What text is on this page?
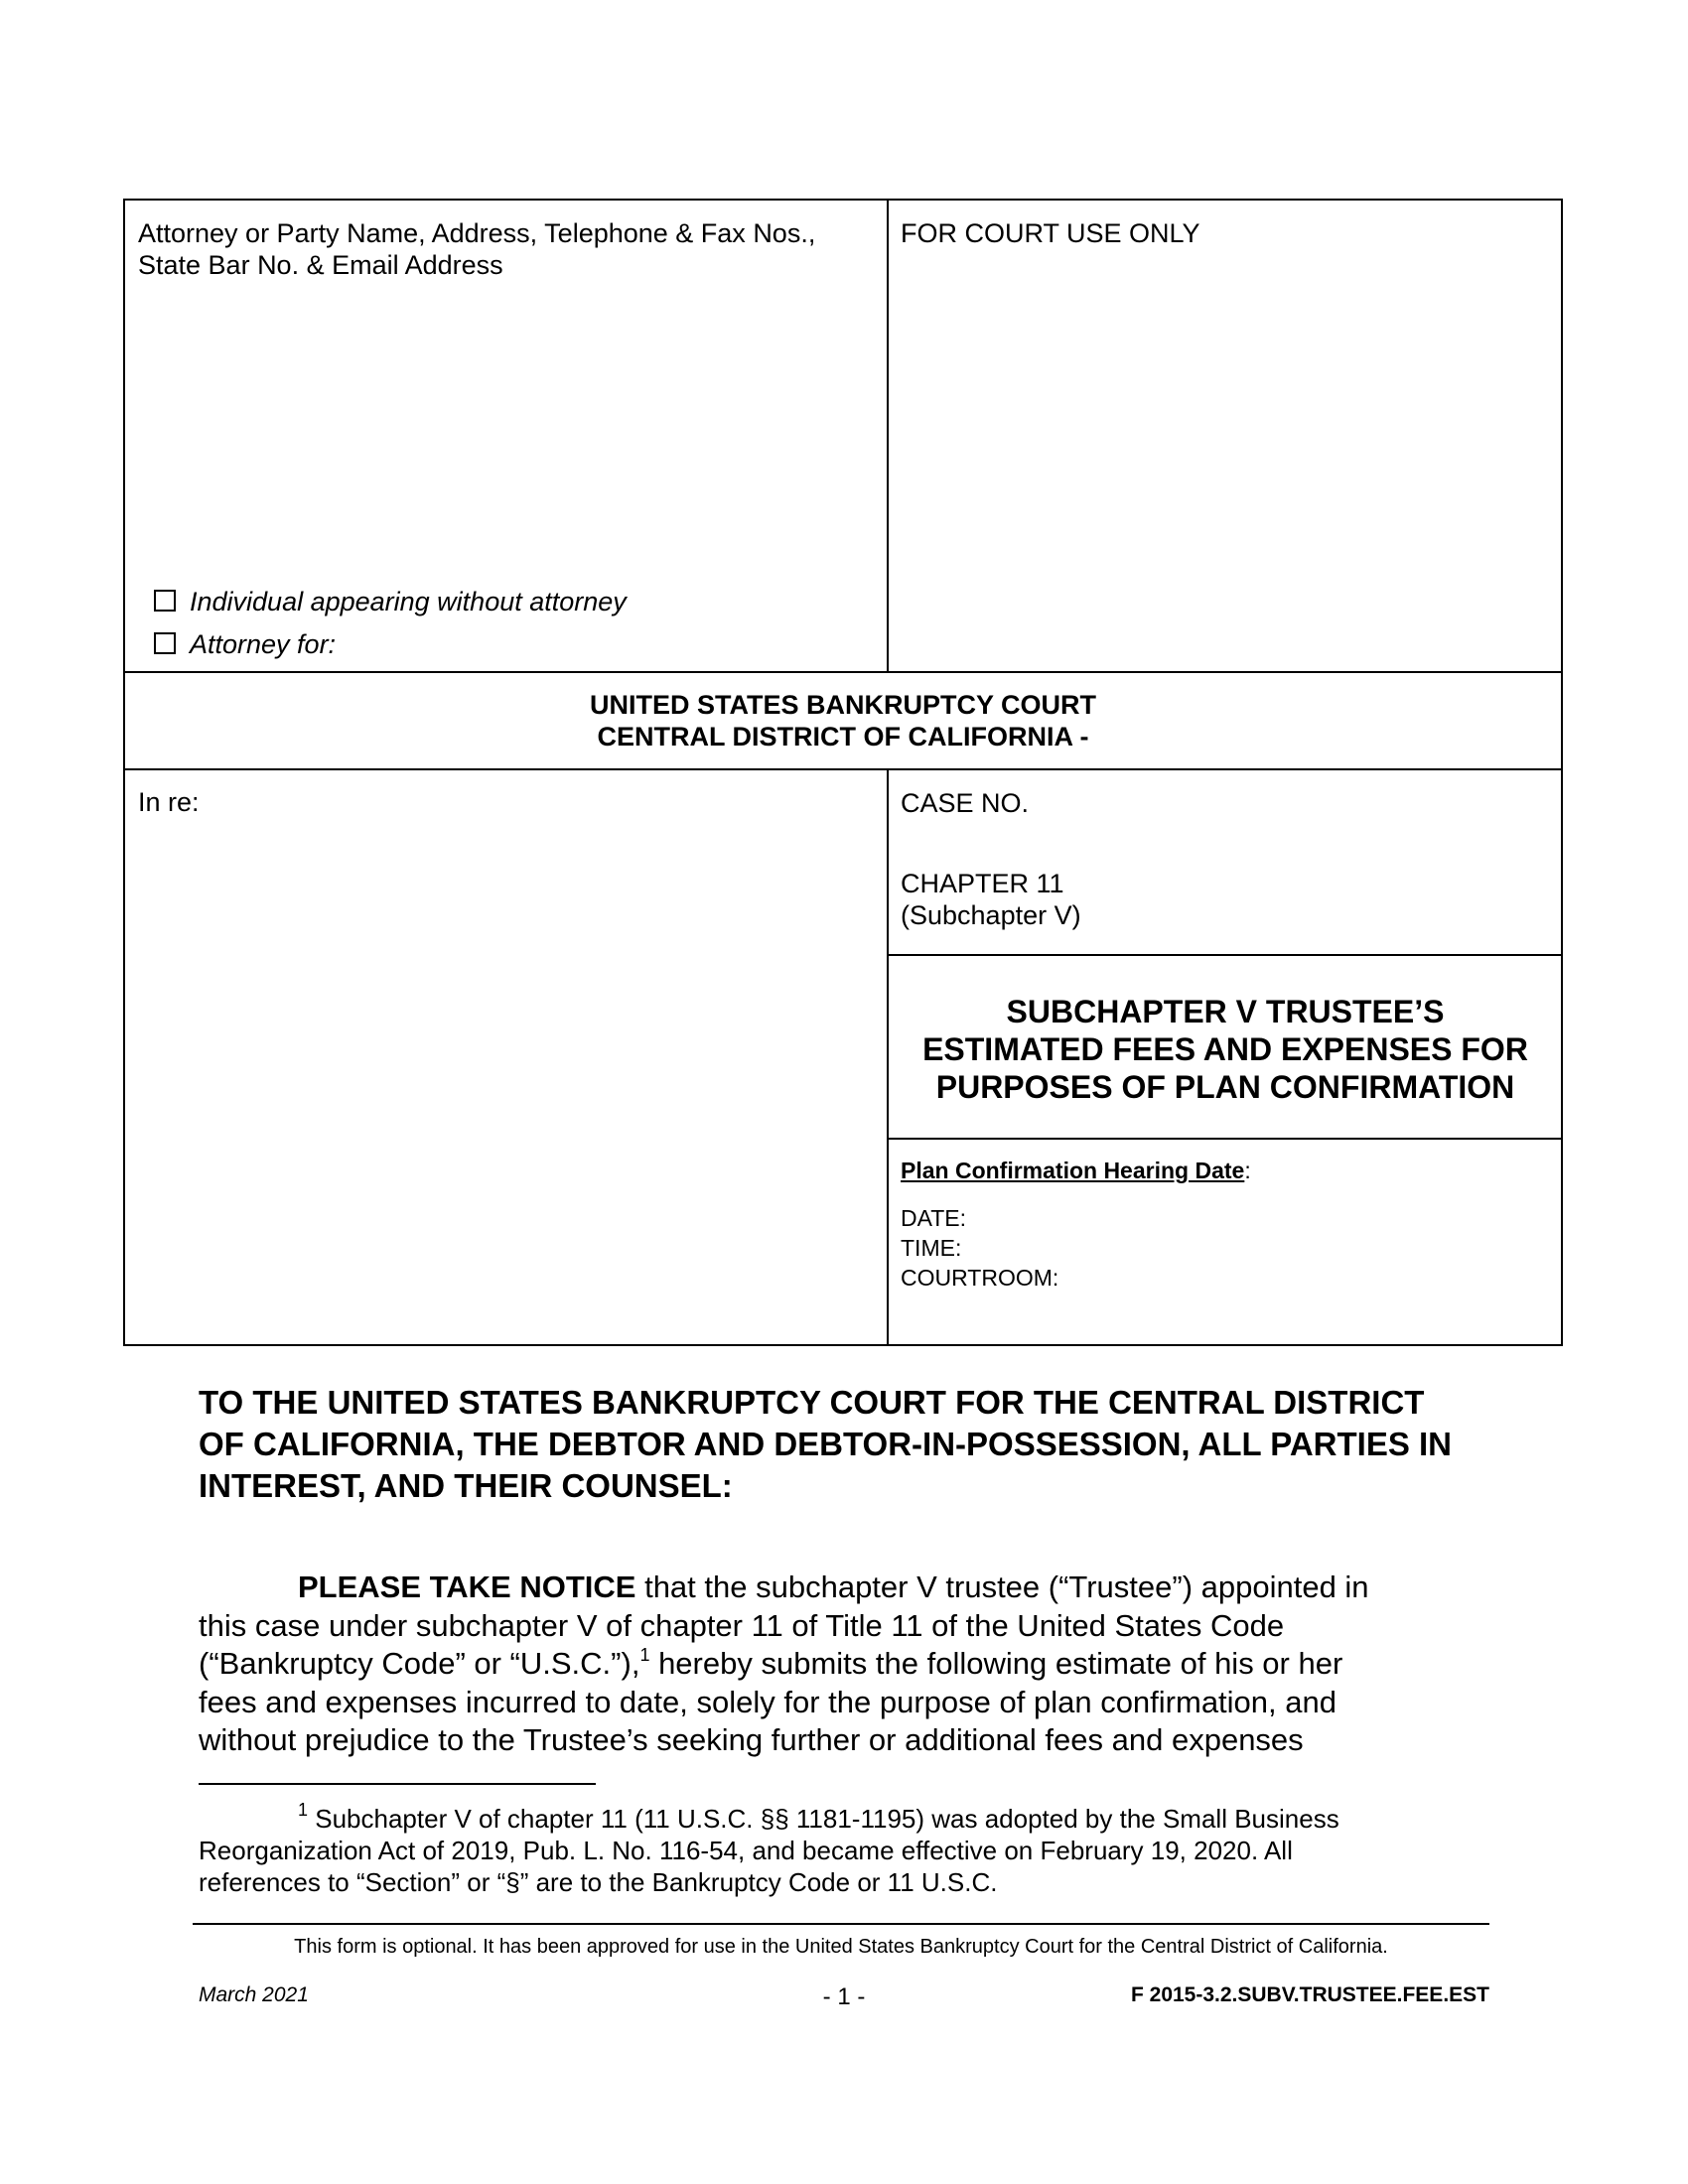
Attorney or Party Name, Address, Telephone & Fax Nos.,
State Bar No. & Email Address
Individual appearing without attorney
Attorney for:
FOR COURT USE ONLY
UNITED STATES BANKRUPTCY COURT
CENTRAL DISTRICT OF CALIFORNIA -
In re:	CASE NO.
CHAPTER 11
(Subchapter V)
SUBCHAPTER V TRUSTEE’S
ESTIMATED FEES AND EXPENSES FOR
PURPOSES OF PLAN CONFIRMATION
Plan Confirmation Hearing Date:
DATE:
TIME:
COURTROOM:
TO THE UNITED STATES BANKRUPTCY COURT FOR THE CENTRAL DISTRICT
OF CALIFORNIA, THE DEBTOR AND DEBTOR-IN-POSSESSION, ALL PARTIES IN
INTEREST, AND THEIR COUNSEL:
PLEASE TAKE NOTICE that the subchapter V trustee (“Trustee”) appointed in
this case under subchapter V of chapter 11 of Title 11 of the United States Code
(“Bankruptcy Code” or “U.S.C.”),$^1$ hereby submits the following estimate of his or her
fees and expenses incurred to date, solely for the purpose of plan confirmation, and
without prejudice to the Trustee’s seeking further or additional fees and expenses
$^1$ Subchapter V of chapter 11 (11 U.S.C. §§ 1181-1195) was adopted by the Small Business
Reorganization Act of 2019, Pub. L. No. 116-54, and became effective on February 19, 2020. All
references to “Section” or “§” are to the Bankruptcy Code or 11 U.S.C.
This form is optional. It has been approved for use in the United States Bankruptcy Court for the Central District of California.
March 2021	- 1 -	F 2015-3.2.SUBV.TRUSTEE.FEE.EST
